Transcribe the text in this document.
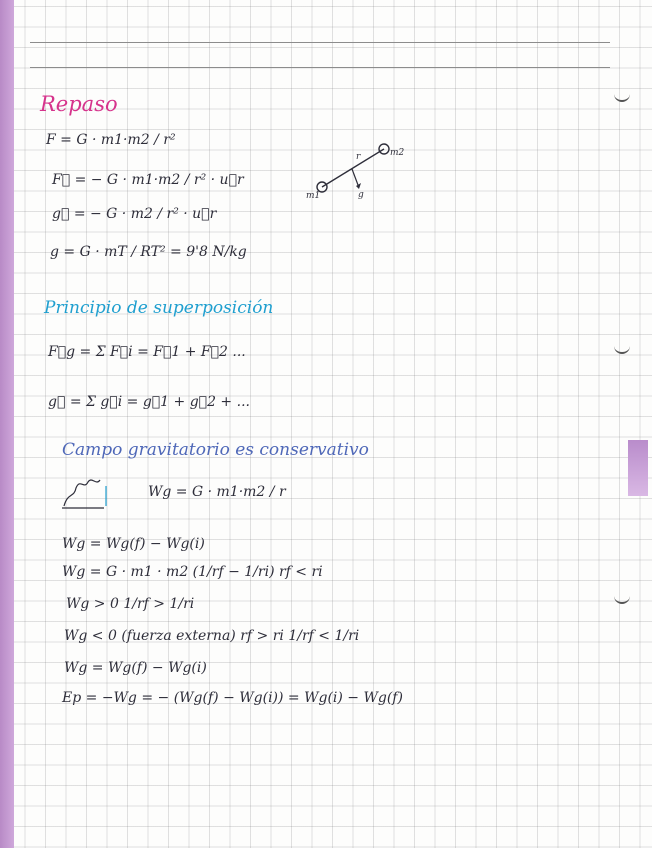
Repaso
F = G · m1·m2 / r²
F⃗ = − G · m1·m2 / r² · u⃗r
g⃗ = − G · m2 / r² · u⃗r
g = G · mT / RT² = 9'8 N/kg
m1
m2
g
r
Principio de superposición
F⃗g = Σ F⃗i = F⃗1 + F⃗2 ...
g⃗ = Σ g⃗i = g⃗1 + g⃗2 + ...
Campo gravitatorio es conservativo
Wg = G · m1·m2 / r
Wg = Wg(f) − Wg(i)
Wg = G · m1 · m2 (1/rf − 1/ri) rf < ri
Wg > 0 1/rf > 1/ri
Wg < 0 (fuerza externa) rf > ri 1/rf < 1/ri
Wg = Wg(f) − Wg(i)
Ep = −Wg = − (Wg(f) − Wg(i)) = Wg(i) − Wg(f)
